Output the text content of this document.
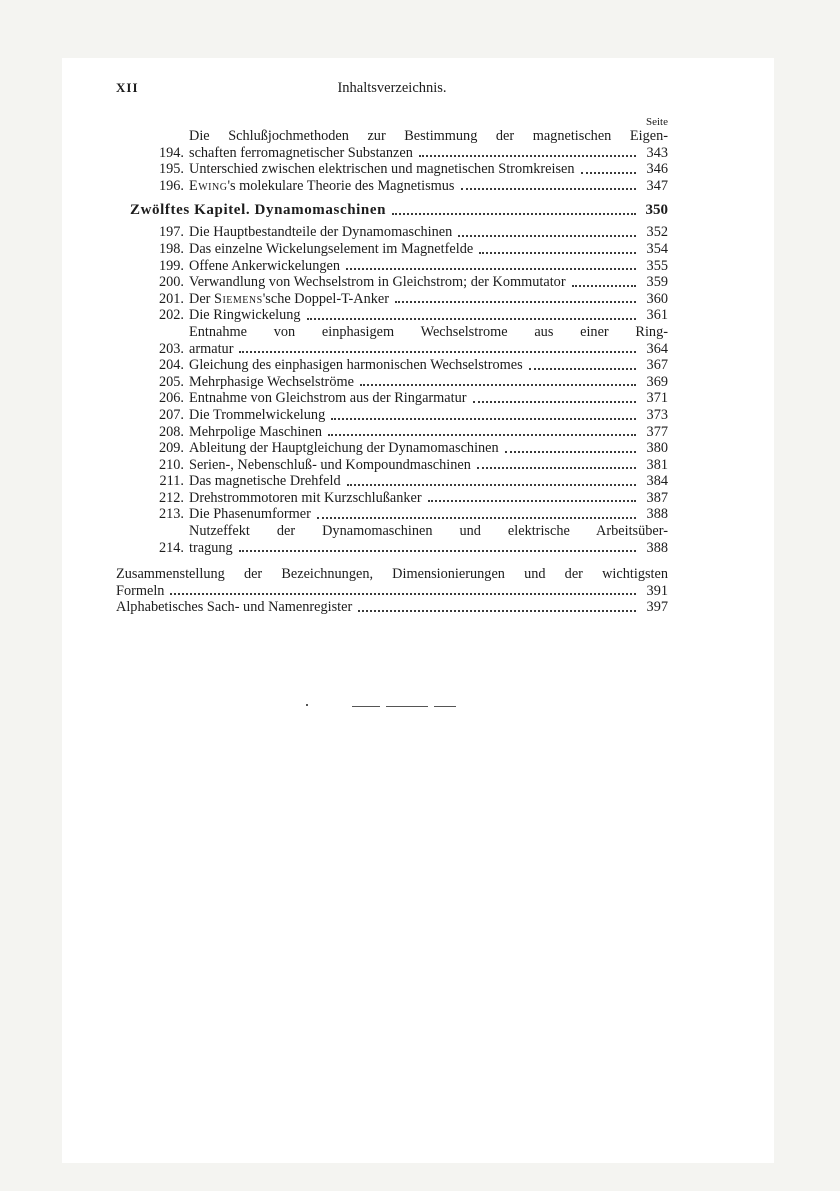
XII	Inhaltsverzeichnis.
Seite
194.
Die Schlußjochmethoden zur Bestimmung der magnetischen Eigen-
schaften ferromagnetischer Substanzen	343
195. Unterschied zwischen elektrischen und magnetischen Stromkreisen	346
196. Ewing's molekulare Theorie des Magnetismus	347
Zwölftes Kapitel. Dynamomaschinen	350
197. Die Hauptbestandteile der Dynamomaschinen	352
198. Das einzelne Wickelungselement im Magnetfelde	354
199. Offene Ankerwickelungen	355
200. Verwandlung von Wechselstrom in Gleichstrom; der Kommutator	359
201. Der Siemens'sche Doppel-T-Anker	360
202. Die Ringwickelung	361
203.
Entnahme von einphasigem Wechselstrome aus einer Ring-
armatur	364
204. Gleichung des einphasigen harmonischen Wechselstromes	367
205. Mehrphasige Wechselströme	369
206. Entnahme von Gleichstrom aus der Ringarmatur	371
207. Die Trommelwickelung	373
208. Mehrpolige Maschinen	377
209. Ableitung der Hauptgleichung der Dynamomaschinen	380
210. Serien-, Nebenschluß- und Kompoundmaschinen	381
211. Das magnetische Drehfeld	384
212. Drehstrommotoren mit Kurzschlußanker	387
213. Die Phasenumformer	388
214.
Nutzeffekt der Dynamomaschinen und elektrische Arbeitsüber-
tragung	388
Zusammenstellung der Bezeichnungen, Dimensionierungen und der wichtigsten
Formeln	391
Alphabetisches Sach- und Namenregister	397
